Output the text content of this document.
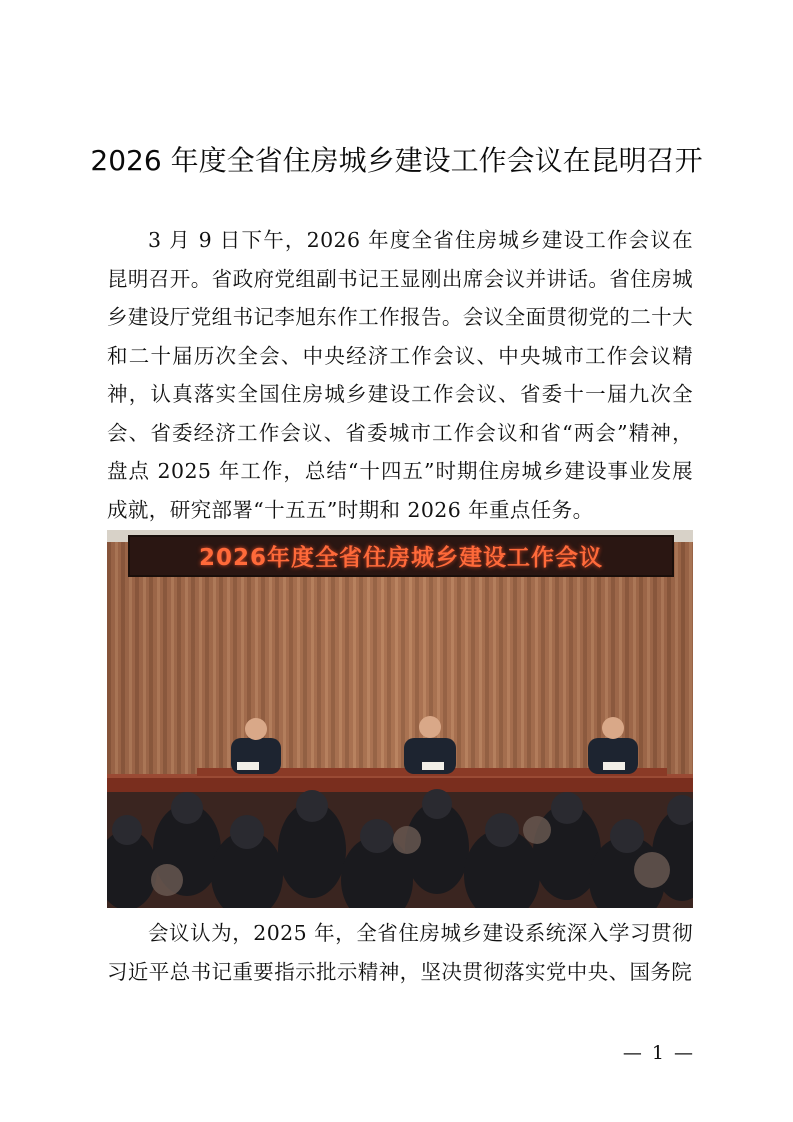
2026 年度全省住房城乡建设工作会议在昆明召开

3 月 9 日下午，2026 年度全省住房城乡建设工作会议在昆明召开。省政府党组副书记王显刚出席会议并讲话。省住房城乡建设厅党组书记李旭东作工作报告。会议全面贯彻党的二十大和二十届历次全会、中央经济工作会议、中央城市工作会议精神，认真落实全国住房城乡建设工作会议、省委十一届九次全会、省委经济工作会议、省委城市工作会议和省“两会”精神，盘点 2025 年工作，总结“十四五”时期住房城乡建设事业发展成就，研究部署“十五五”时期和 2026 年重点任务。

2026年度全省住房城乡建设工作会议

会议认为，2025 年，全省住房城乡建设系统深入学习贯彻习近平总书记重要指示批示精神，坚决贯彻落实党中央、国务院

— 1 —
